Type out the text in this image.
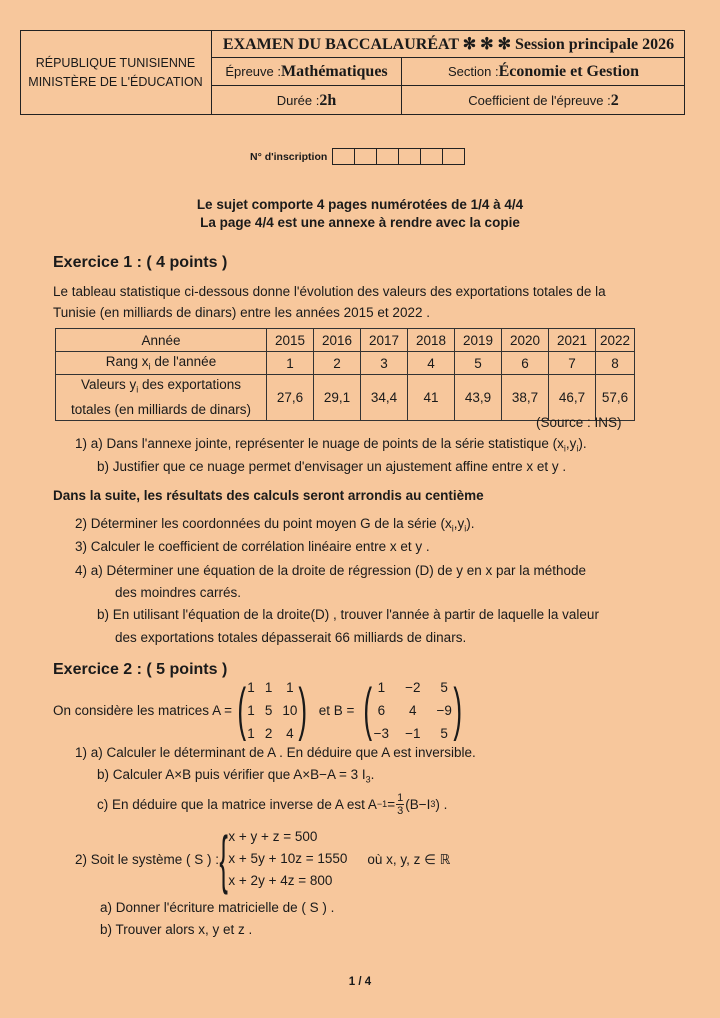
RÉPUBLIQUE TUNISIENNE
MINISTÈRE DE L'ÉDUCATION
EXAMEN DU BACCALAURÉAT ✻ ✻ ✻ Session principale 2026
Épreuve : Mathématiques	Section : Économie et Gestion
Durée : 2h	Coefficient de l'épreuve : 2
N° d'inscription
Le sujet comporte 4 pages numérotées de 1/4 à 4/4
La page 4/4 est une annexe à rendre avec la copie
Exercice 1 : ( 4 points )
Le tableau statistique ci-dessous donne l'évolution des valeurs des exportations totales de la
Tunisie (en milliards de dinars) entre les années 2015 et 2022 .
Année	2015	2016	2017	2018	2019	2020	2021	2022
Rang $x_i$ de l'année	1	2	3	4	5	6	7	8
Valeurs $y_i$ des exportations
totales (en milliards de dinars)	27,6	29,1	34,4	41	43,9	38,7	46,7	57,6
(Source : INS)
1) a) Dans l'annexe jointe, représenter le nuage de points de la série statistique $(x_i,y_i)$.
b) Justifier que ce nuage permet d'envisager un ajustement affine entre x et y .
Dans la suite, les résultats des calculs seront arrondis au centième
2) Déterminer les coordonnées du point moyen G de la série $(x_i,y_i)$.
3) Calculer le coefficient de corrélation linéaire entre x et y .
4) a) Déterminer une équation de la droite de régression (D) de y en x par la méthode
des moindres carrés.
b) En utilisant l'équation de la droite(D) , trouver l'année à partir de laquelle la valeur
des exportations totales dépasserait 66 milliards de dinars.
Exercice 2 : ( 5 points )
On considère les matrices A = ( 1 1 1
1 5 10
1 2 4 ) et B = ( 1 −2 5
6 4 −9
−3 −1 5 )
1) a) Calculer le déterminant de A . En déduire que A est inversible.
b) Calculer A×B puis vérifier que A×B−A = 3 $I_3$.
c) En déduire que la matrice inverse de A est $A -1 = \frac{1}{3} (B-I$ 3 ) .
2) Soit le système ( S ) : { x + y + z = 500
x + 5y + 10z = 1550
x + 2y + 4z = 800
où x, y, z ∈ ℝ
a) Donner l'écriture matricielle de ( S ) .
b) Trouver alors x, y et z .
1 / 4
